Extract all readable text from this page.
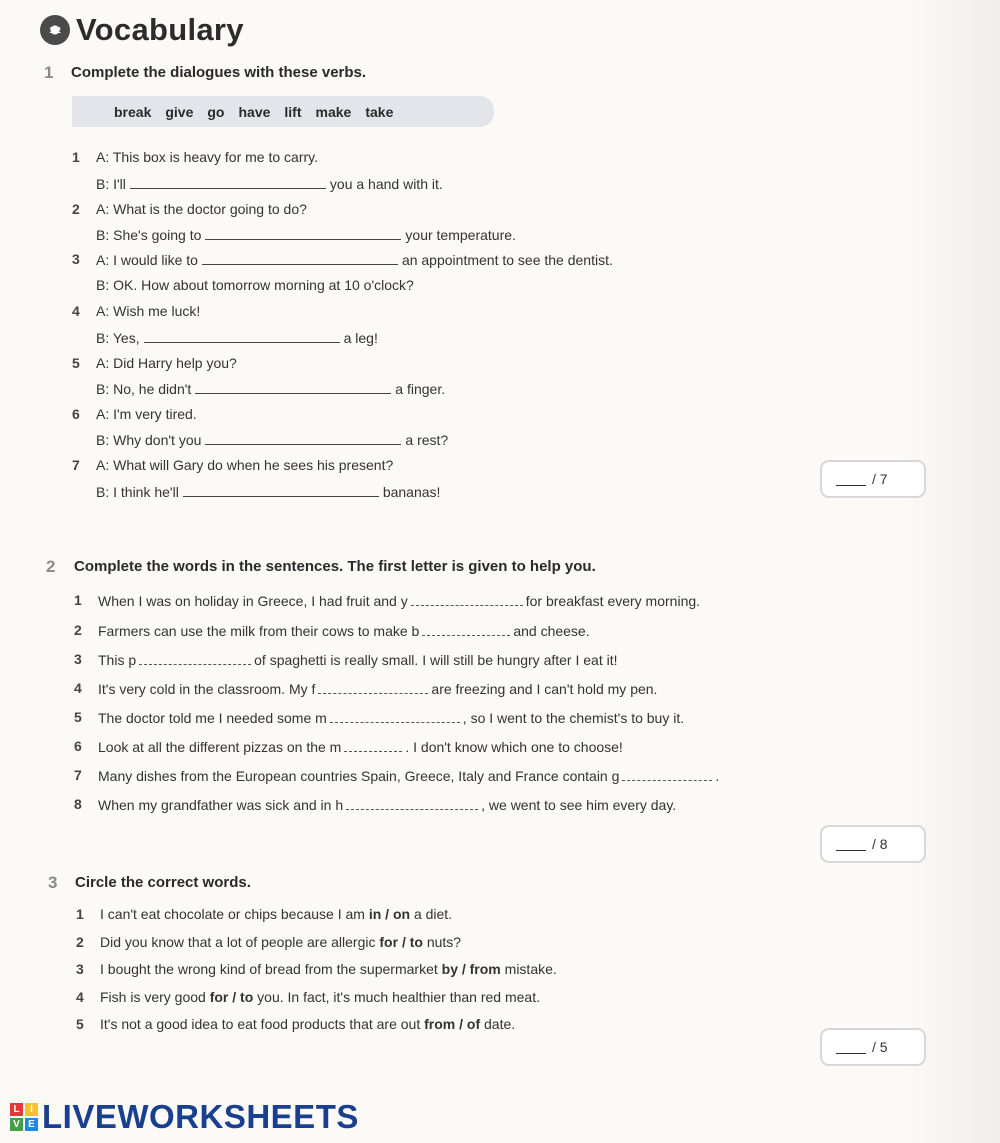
1-2 Vocabulary
1 Complete the dialogues with these verbs.
break give go have lift make take
1 A: This box is heavy for me to carry.
B: I'll	you a hand with it.
2 A: What is the doctor going to do?
B: She's going to	your temperature.
3 A: I would like to	an appointment to see the dentist.
B: OK. How about tomorrow morning at 10 o'clock?
4 A: Wish me luck!
B: Yes,	a leg!
5 A: Did Harry help you?
B: No, he didn't	a finger.
6 A: I'm very tired.
B: Why don't you	a rest?
7 A: What will Gary do when he sees his present?
B: I think he'll	bananas!
/ 7
2 Complete the words in the sentences. The first letter is given to help you.
1 When I was on holiday in Greece, I had fruit and y	for breakfast every morning.
2 Farmers can use the milk from their cows to make b	and cheese.
3 This p	of spaghetti is really small. I will still be hungry after I eat it!
4 It's very cold in the classroom. My f	are freezing and I can't hold my pen.
5 The doctor told me I needed some m	, so I went to the chemist's to buy it.
6 Look at all the different pizzas on the m	. I don't know which one to choose!
7 Many dishes from the European countries Spain, Greece, Italy and France contain g	.
8 When my grandfather was sick and in h	, we went to see him every day.
/ 8
3 Circle the correct words.
1 I can't eat chocolate or chips because I am in / on a diet.
2 Did you know that a lot of people are allergic for / to nuts?
3 I bought the wrong kind of bread from the supermarket by / from mistake.
4 Fish is very good for / to you. In fact, it's much healthier than red meat.
5 It's not a good idea to eat food products that are out from / of date.
/ 5
L	I
V E LIVEWORKSHEETS
